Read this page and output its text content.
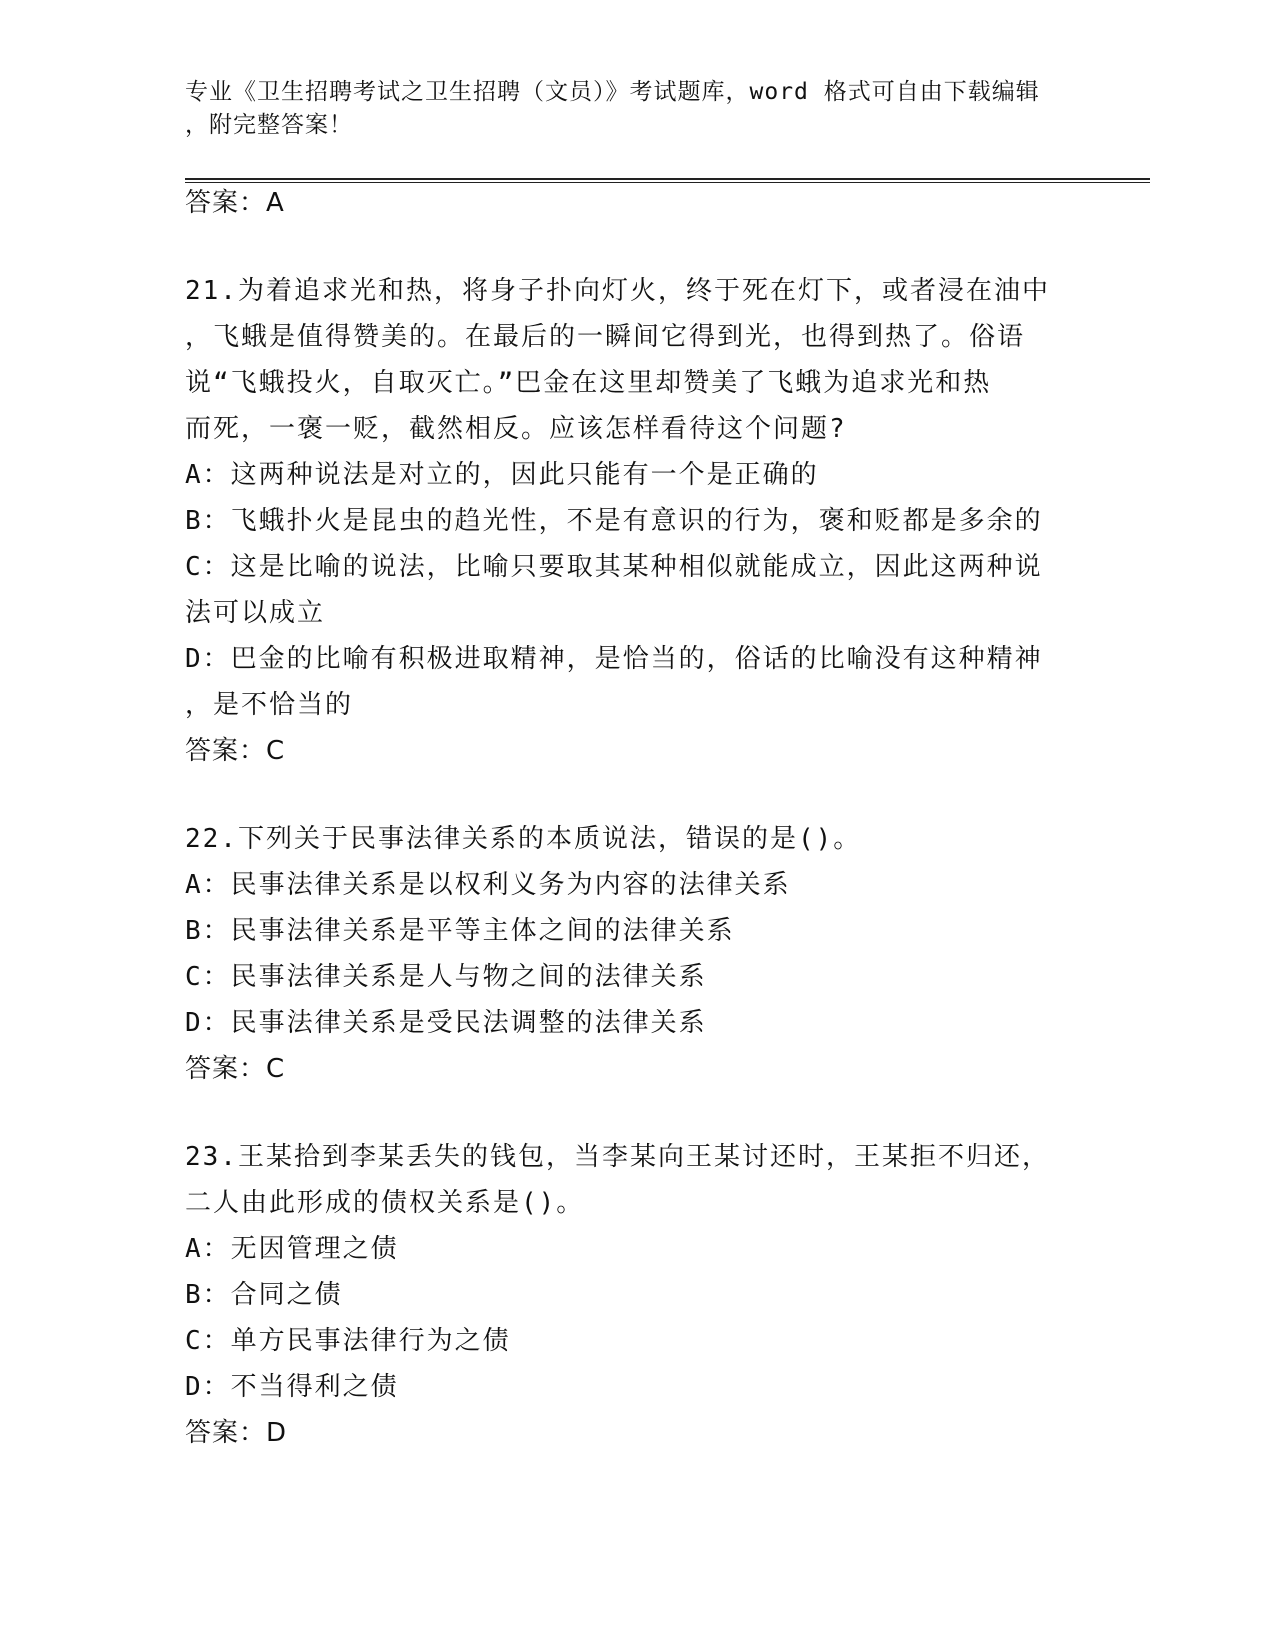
专业《卫生招聘考试之卫生招聘（文员）》考试题库，word 格式可自由下载编辑
，附完整答案！
答案：A
21.为着追求光和热，将身子扑向灯火，终于死在灯下，或者浸在油中
，飞蛾是值得赞美的。在最后的一瞬间它得到光，也得到热了。俗语
说“飞蛾投火，自取灭亡。”巴金在这里却赞美了飞蛾为追求光和热
而死，一褒一贬，截然相反。应该怎样看待这个问题?
A：这两种说法是对立的，因此只能有一个是正确的
B：飞蛾扑火是昆虫的趋光性，不是有意识的行为，褒和贬都是多余的
C：这是比喻的说法，比喻只要取其某种相似就能成立，因此这两种说
法可以成立
D：巴金的比喻有积极进取精神，是恰当的，俗话的比喻没有这种精神
，是不恰当的
答案：C
22.下列关于民事法律关系的本质说法，错误的是()。
A：民事法律关系是以权利义务为内容的法律关系
B：民事法律关系是平等主体之间的法律关系
C：民事法律关系是人与物之间的法律关系
D：民事法律关系是受民法调整的法律关系
答案：C
23.王某拾到李某丢失的钱包，当李某向王某讨还时，王某拒不归还，
二人由此形成的债权关系是()。
A：无因管理之债
B：合同之债
C：单方民事法律行为之债
D：不当得利之债
答案：D
